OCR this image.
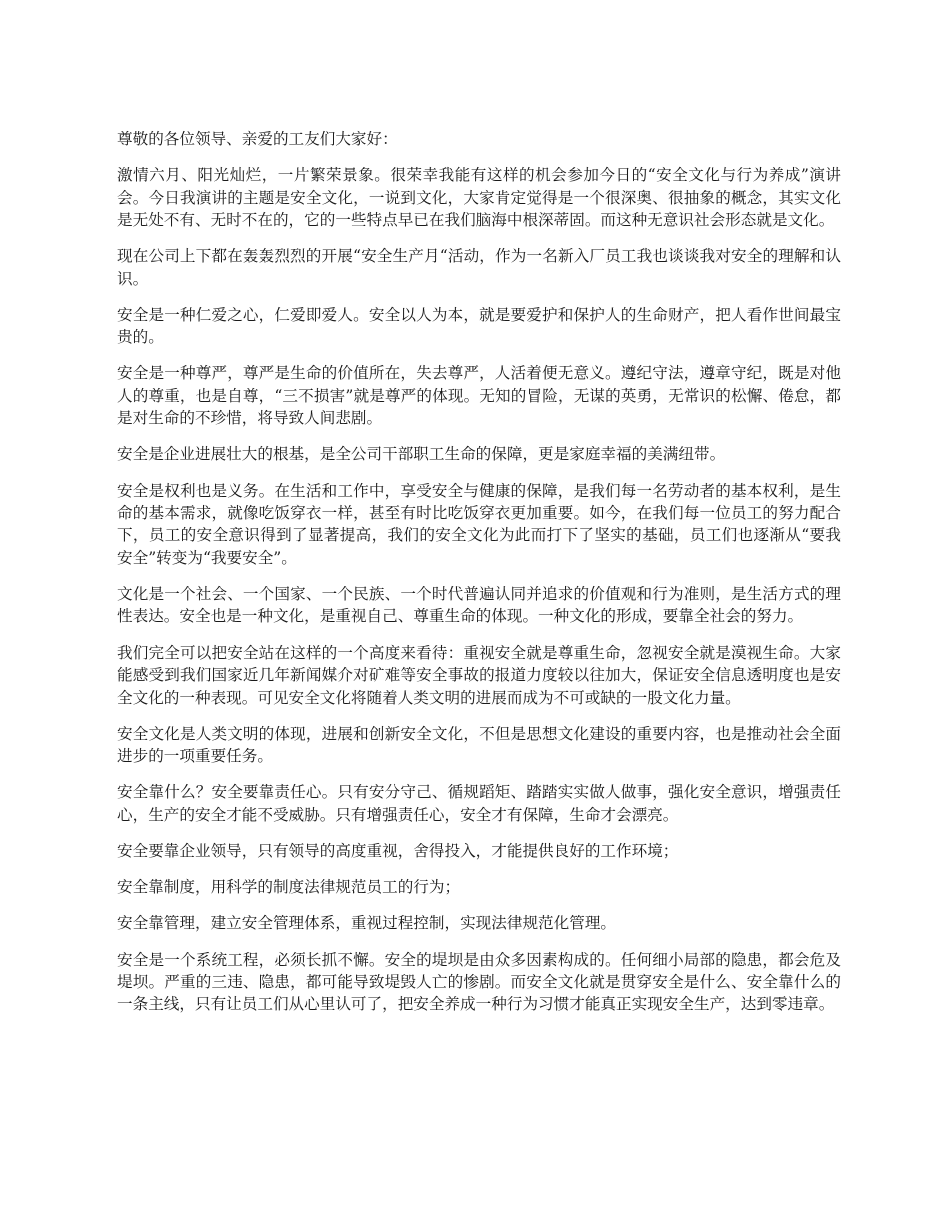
尊敬的各位领导、亲爱的工友们大家好：

激情六月、阳光灿烂，一片繁荣景象。很荣幸我能有这样的机会参加今日的“安全文化与行为养成”演讲会。今日我演讲的主题是安全文化，一说到文化，大家肯定觉得是一个很深奥、很抽象的概念，其实文化是无处不有、无时不在的，它的一些特点早已在我们脑海中根深蒂固。而这种无意识社会形态就是文化。

现在公司上下都在轰轰烈烈的开展“安全生产月“活动，作为一名新入厂员工我也谈谈我对安全的理解和认识。

安全是一种仁爱之心，仁爱即爱人。安全以人为本，就是要爱护和保护人的生命财产，把人看作世间最宝贵的。

安全是一种尊严，尊严是生命的价值所在，失去尊严，人活着便无意义。遵纪守法，遵章守纪，既是对他人的尊重，也是自尊，“三不损害”就是尊严的体现。无知的冒险，无谋的英勇，无常识的松懈、倦怠，都是对生命的不珍惜，将导致人间悲剧。

安全是企业进展壮大的根基，是全公司干部职工生命的保障，更是家庭幸福的美满纽带。

安全是权利也是义务。在生活和工作中，享受安全与健康的保障，是我们每一名劳动者的基本权利，是生命的基本需求，就像吃饭穿衣一样，甚至有时比吃饭穿衣更加重要。如今，在我们每一位员工的努力配合下，员工的安全意识得到了显著提高，我们的安全文化为此而打下了坚实的基础，员工们也逐渐从“要我安全”转变为“我要安全”。

文化是一个社会、一个国家、一个民族、一个时代普遍认同并追求的价值观和行为准则，是生活方式的理性表达。安全也是一种文化，是重视自己、尊重生命的体现。一种文化的形成，要靠全社会的努力。

我们完全可以把安全站在这样的一个高度来看待：重视安全就是尊重生命，忽视安全就是漠视生命。大家能感受到我们国家近几年新闻媒介对矿难等安全事故的报道力度较以往加大，保证安全信息透明度也是安全文化的一种表现。可见安全文化将随着人类文明的进展而成为不可或缺的一股文化力量。

安全文化是人类文明的体现，进展和创新安全文化，不但是思想文化建设的重要内容，也是推动社会全面进步的一项重要任务。

安全靠什么？安全要靠责任心。只有安分守己、循规蹈矩、踏踏实实做人做事，强化安全意识，增强责任心，生产的安全才能不受威胁。只有增强责任心，安全才有保障，生命才会漂亮。

安全要靠企业领导，只有领导的高度重视，舍得投入，才能提供良好的工作环境；

安全靠制度，用科学的制度法律规范员工的行为；

安全靠管理，建立安全管理体系，重视过程控制，实现法律规范化管理。

安全是一个系统工程，必须长抓不懈。安全的堤坝是由众多因素构成的。任何细小局部的隐患，都会危及堤坝。严重的三违、隐患，都可能导致堤毁人亡的惨剧。而安全文化就是贯穿安全是什么、安全靠什么的一条主线，只有让员工们从心里认可了，把安全养成一种行为习惯才能真正实现安全生产，达到零违章。
